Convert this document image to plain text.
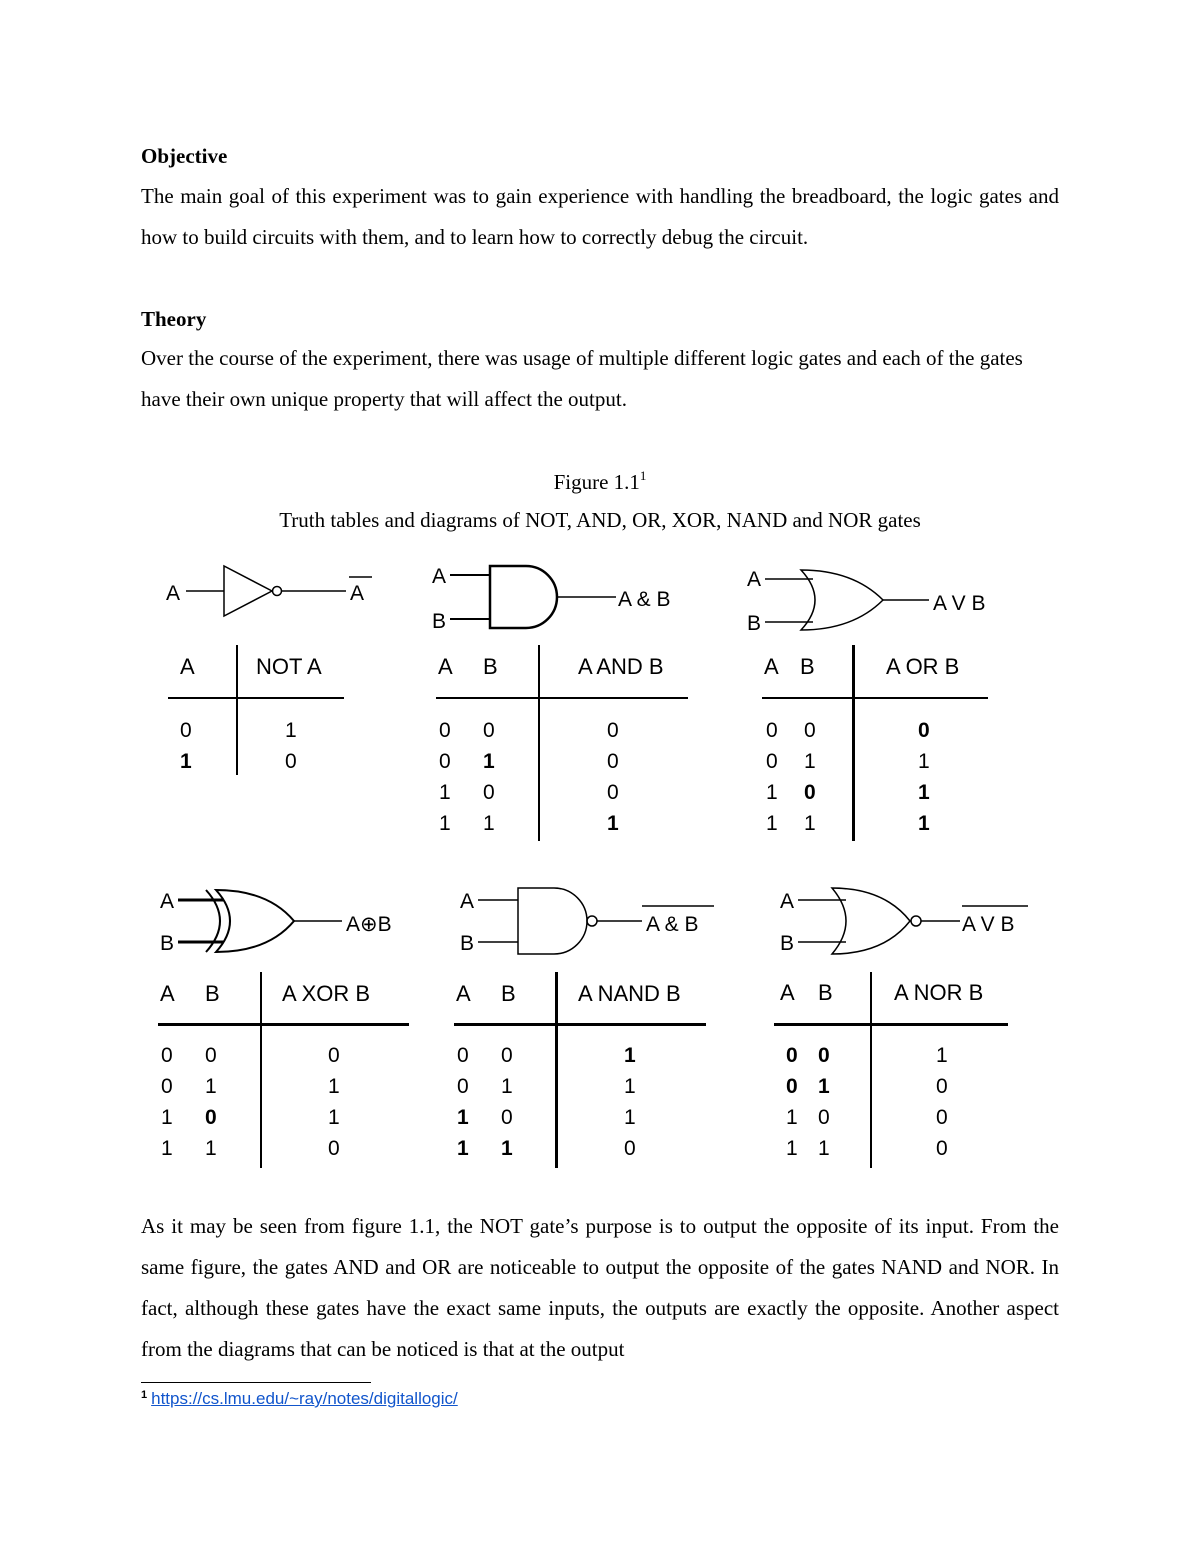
Objective

The main goal of this experiment was to gain experience with handling the breadboard, the logic gates and how to build circuits with them, and to learn how to correctly debug the circuit.

Theory

Over the course of the experiment, there was usage of multiple different logic gates and each of the gates have their own unique property that will affect the output.

Figure $1.1^1$
Truth tables and diagrams of NOT, AND, OR, XOR, NAND and NOR gates
A	A
A
B
A & B
A
B
A V B
A	NOT A
0	1
1	0
A B	A AND B
0 0	0
0 1	0
1 0	0
1 1	1
A B	A OR B
0 0	0
0 1	1
1 0	1
1 1	1
A
B
A⊕B
A
B
A & B
A
B
A V B
A B	A XOR B
0 0	0
0 1	1
1 0	1
1 1	0
A B	A NAND B
0 0	1
0 1	1
1 0	1
1 1	0
A B	A NOR B
0 0	1
0 1	0
1 0	0
1 1	0

As it may be seen from figure 1.1, the NOT gate’s purpose is to output the opposite of its input. From the same figure, the gates AND and OR are noticeable to output the opposite of the gates NAND and NOR. In fact, although these gates have the exact same inputs, the outputs are exactly the opposite. Another aspect from the diagrams that can be noticed is that at the output

$^1$ https://cs.lmu.edu/~ray/notes/digitallogic/
